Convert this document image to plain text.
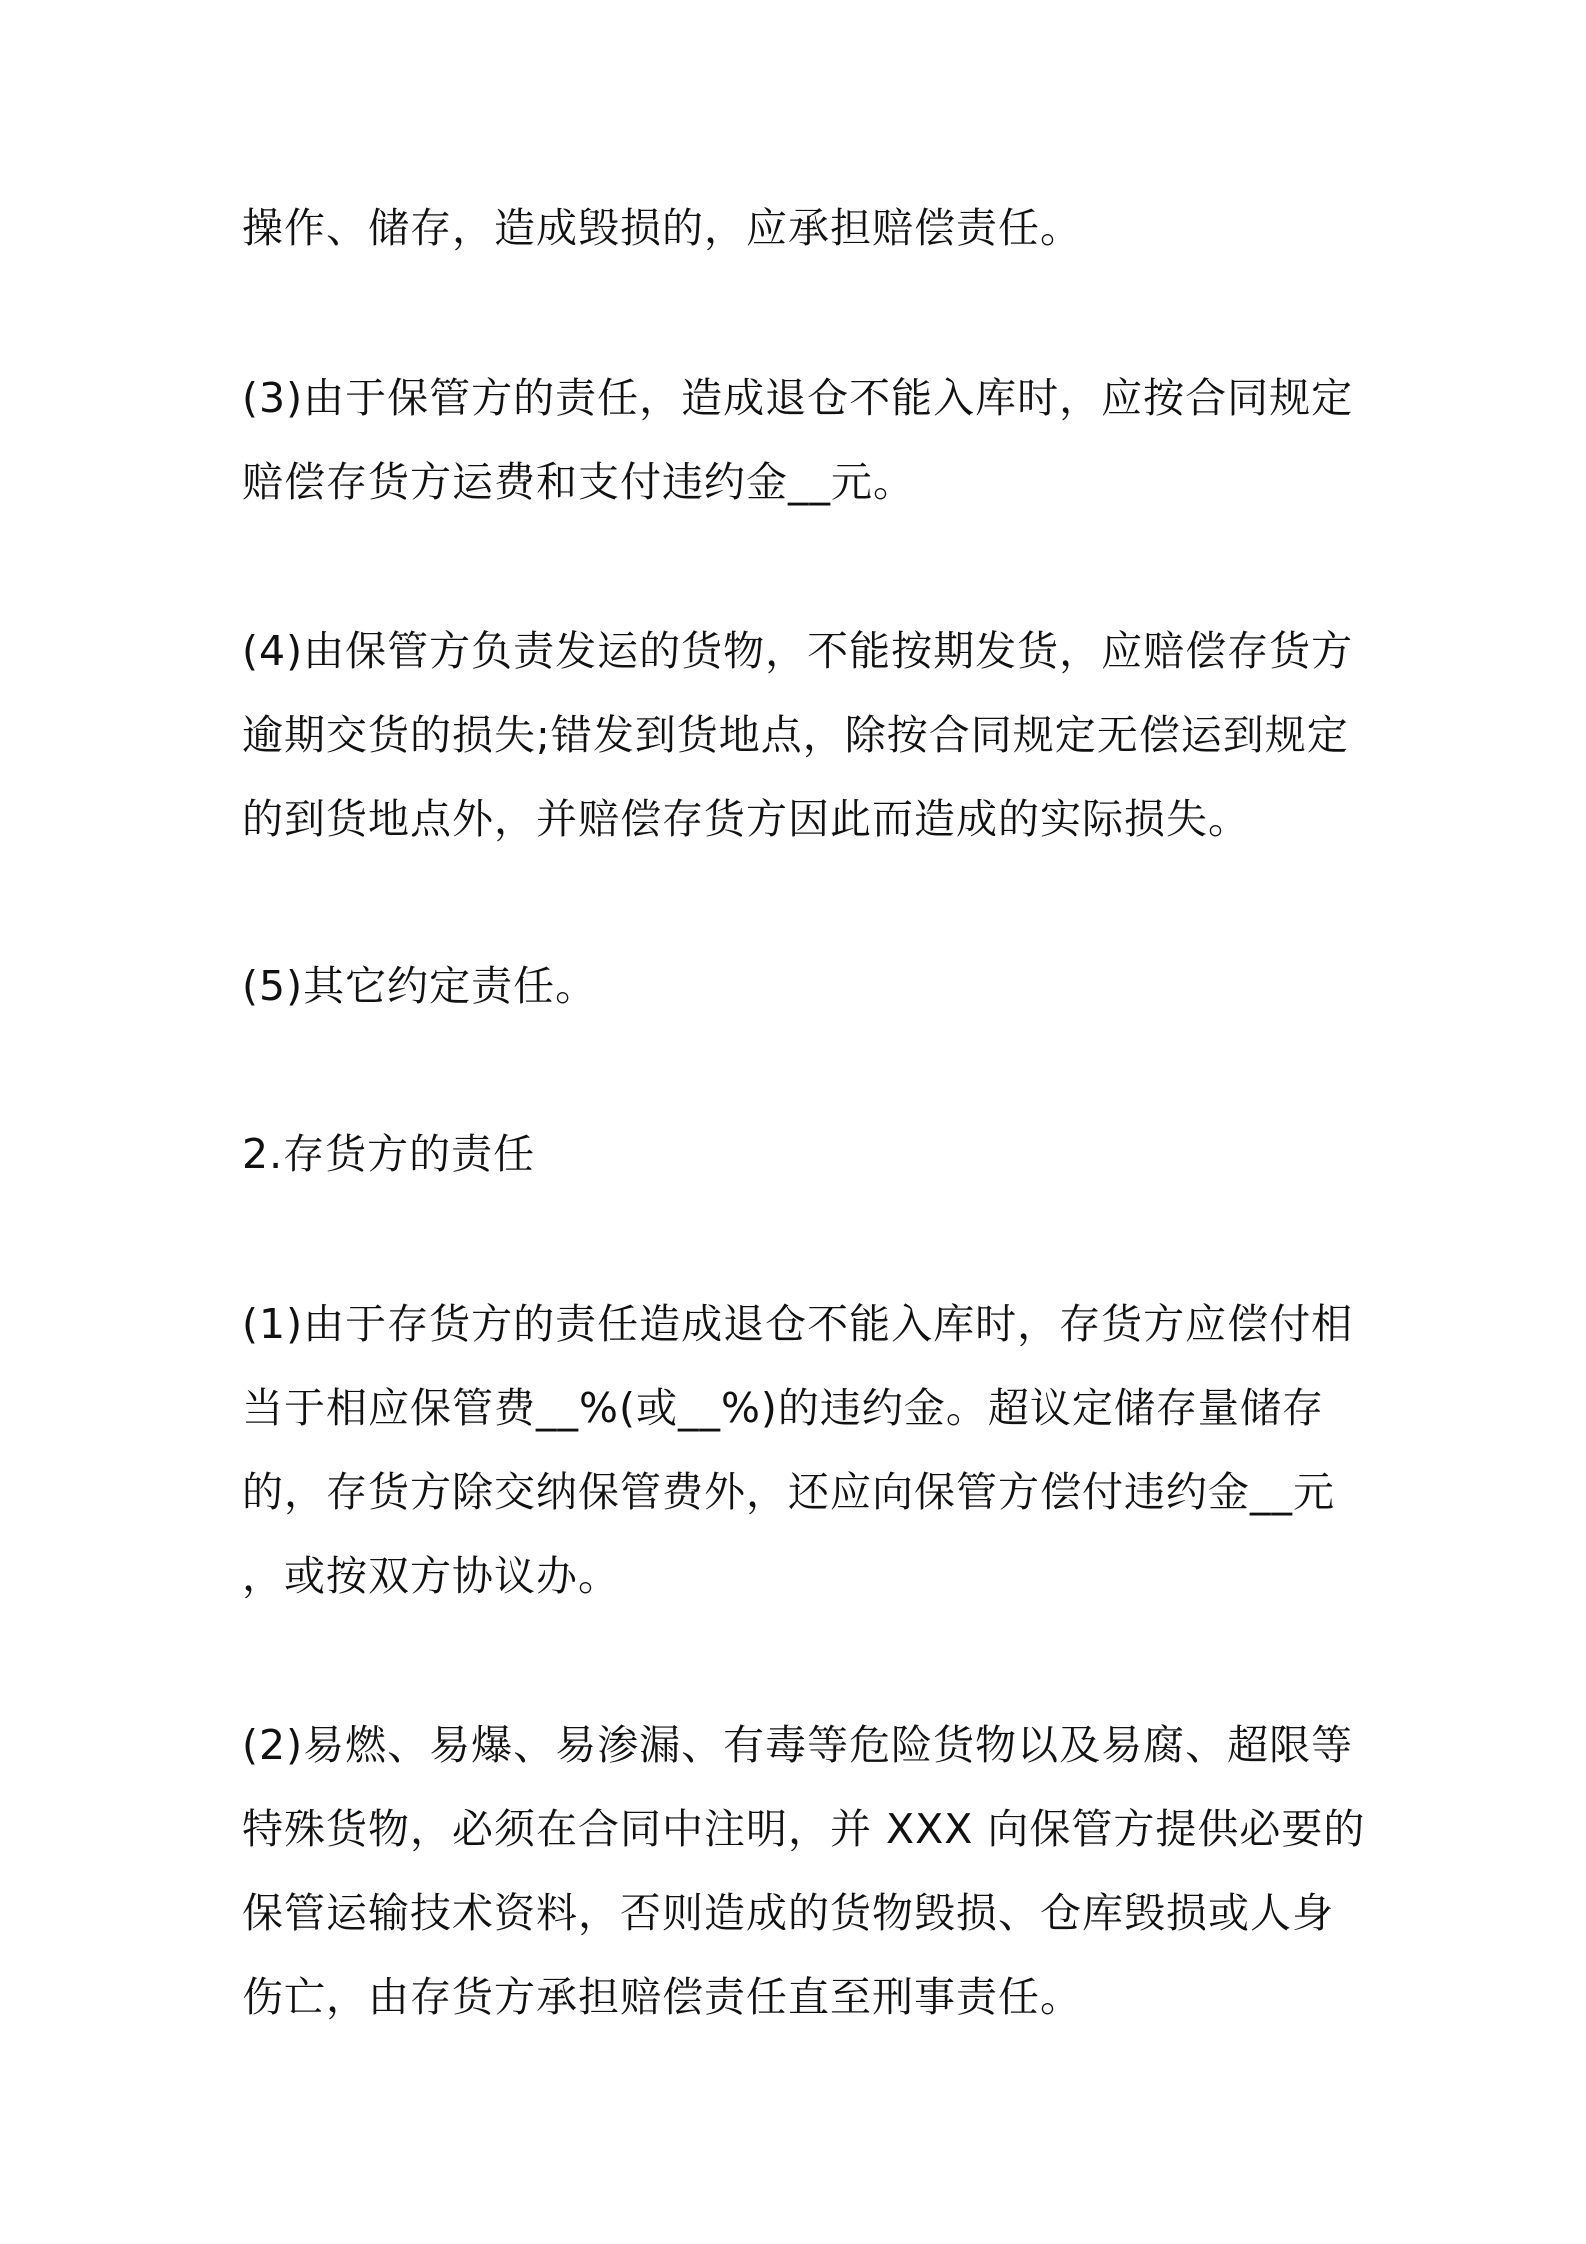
操作、储存，造成毁损的，应承担赔偿责任。

(3)由于保管方的责任，造成退仓不能入库时，应按合同规定
赔偿存货方运费和支付违约金__元。

(4)由保管方负责发运的货物，不能按期发货，应赔偿存货方
逾期交货的损失;错发到货地点，除按合同规定无偿运到规定
的到货地点外，并赔偿存货方因此而造成的实际损失。

(5)其它约定责任。

2.存货方的责任

(1)由于存货方的责任造成退仓不能入库时，存货方应偿付相
当于相应保管费__%(或__%)的违约金。超议定储存量储存
的，存货方除交纳保管费外，还应向保管方偿付违约金__元
，或按双方协议办。

(2)易燃、易爆、易渗漏、有毒等危险货物以及易腐、超限等
特殊货物，必须在合同中注明，并 XXX 向保管方提供必要的
保管运输技术资料，否则造成的货物毁损、仓库毁损或人身
伤亡，由存货方承担赔偿责任直至刑事责任。
